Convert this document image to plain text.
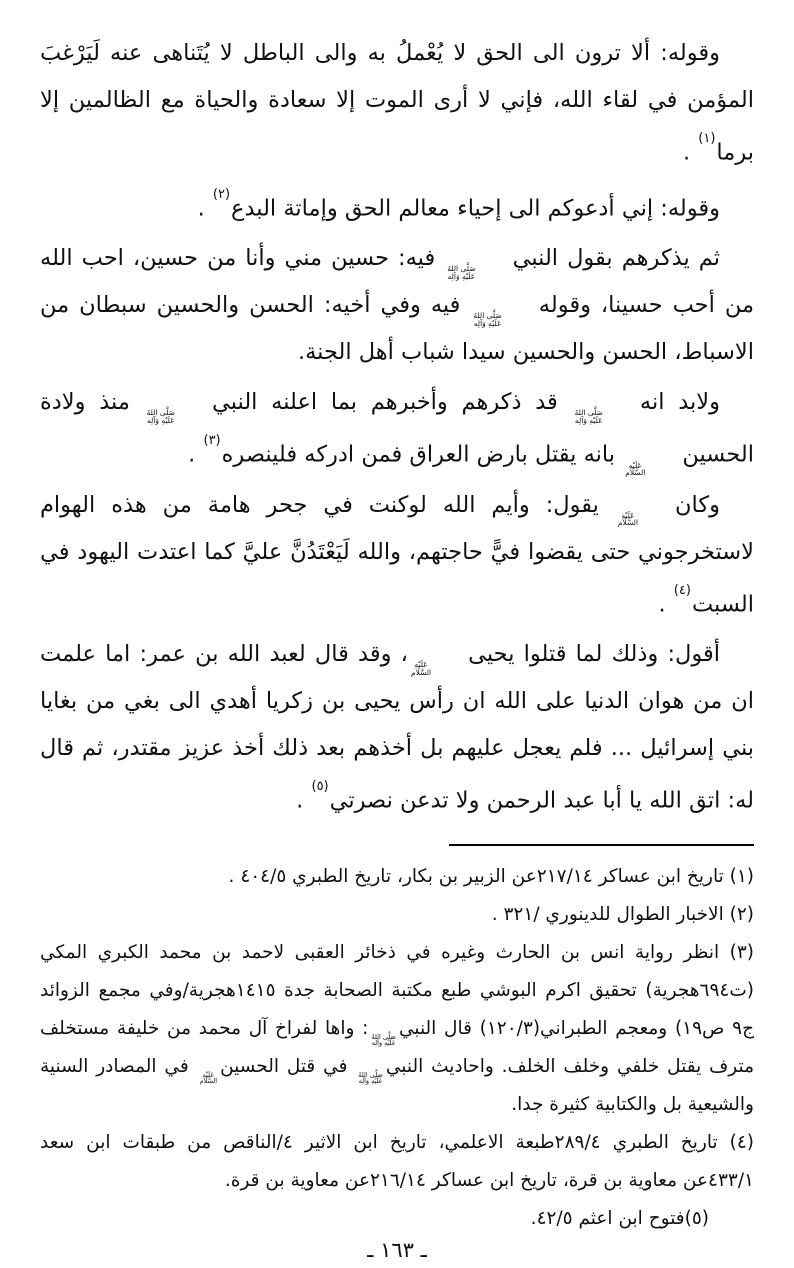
وقوله: ألا ترون الى الحق لا يُعْملُ به والى الباطل لا يُتَناهى عنه لَيَرْغبَ المؤمن في لقاء الله، فإني لا أرى الموت إلا سعادة والحياة مع الظالمين إلا برما$^{(١)}$ .

وقوله: إني أدعوكم الى إحياء معالم الحق وإماتة البدع$^{(٢)}$ .

ثم يذكرهم بقول النبي
صَلَّى اللهُ
عَلَيْهِ وَآلِه
فيه: حسين مني وأنا من حسين، احب الله من أحب حسينا، وقوله
صَلَّى اللهُ
عَلَيْهِ وَآلِه
فيه وفي أخيه: الحسن والحسين سبطان من الاسباط، الحسن والحسين سيدا شباب أهل الجنة.

ولابد انه
صَلَّى اللهُ
عَلَيْهِ وَآلِه
قد ذكرهم وأخبرهم بما اعلنه النبي
صَلَّى اللهُ
عَلَيْهِ وَآلِه
منذ ولادة الحسين
عَلَيْهِ
السَّلَام
بانه يقتل بارض العراق فمن ادركه فلينصره$^{(٣)}$ .

وكان
عَلَيْهِ
السَّلَام
يقول: وأيم الله لوكنت في جحر هامة من هذه الهوام لاستخرجوني حتى يقضوا فيًّ حاجتهم، والله لَيَعْتَدُنَّ عليَّ كما اعتدت اليهود في السبت$^{(٤)}$ .

أقول: وذلك لما قتلوا يحيى
عَلَيْهِ
السَّلَام
، وقد قال لعبد الله بن عمر: اما علمت ان من هوان الدنيا على الله ان رأس يحيى بن زكريا أهدي الى بغي من بغايا بني إسرائيل ... فلم يعجل عليهم بل أخذهم بعد ذلك أخذ عزيز مقتدر، ثم قال له: اتق الله يا أبا عبد الرحمن ولا تدعن نصرتي$^{(٥)}$ .

(١) تاريخ ابن عساكر ٢١٧/١٤عن الزبير بن بكار، تاريخ الطبري ٤٠٤/٥ .

(٢) الاخبار الطوال للدينوري /٣٢١ .

(٣) انظر رواية انس بن الحارث وغيره في ذخائر العقبى لاحمد بن محمد الكبري المكي (ت٦٩٤هجرية) تحقيق اكرم البوشي طبع مكتبة الصحابة جدة ١٤١٥هجرية/وفي مجمع الزوائد ج٩ ص١٩) ومعجم الطبراني(١٢٠/٣) قال النبي
صَلَّى اللهُ
عَلَيْهِ وَآلِه
: واها لفراخ آل محمد من خليفة مستخلف مترف يقتل خلفي وخلف الخلف. واحاديث النبي
صَلَّى اللهُ
عَلَيْهِ وَآلِه
في قتل الحسين
عَلَيْهِ
السَّلَام
في المصادر السنية والشيعية بل والكتابية كثيرة جدا.

(٤) تاريخ الطبري ٢٨٩/٤طبعة الاعلمي، تاريخ ابن الاثير ٤/الناقص من طبقات ابن سعد ٤٣٣/١عن معاوية بن قرة، تاريخ ابن عساكر ٢١٦/١٤عن معاوية بن قرة.

(٥)فتوح ابن اعثم ٤٢/٥.

ـ ١٦٣ ـ
